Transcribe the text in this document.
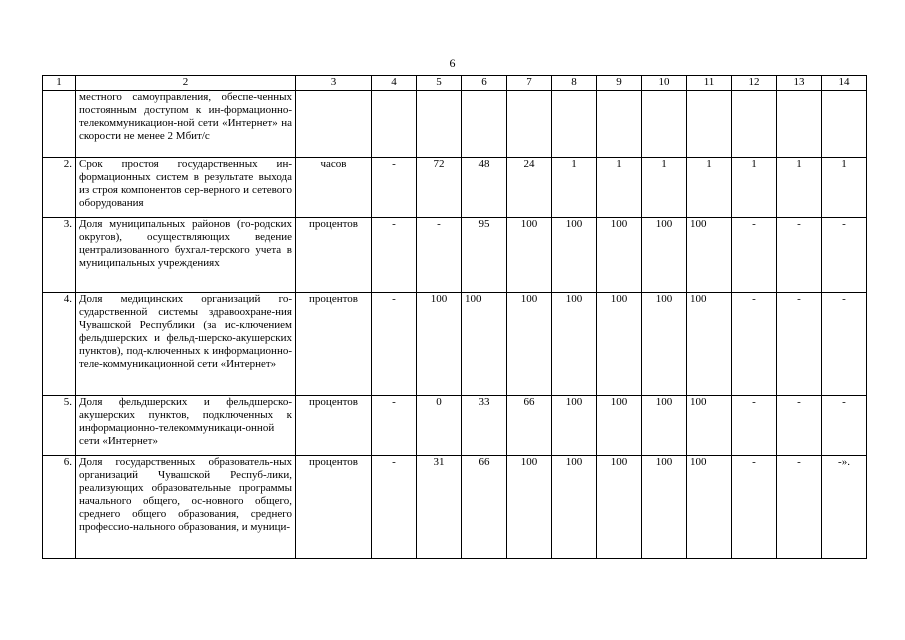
6
1	2	3	4	5	6	7	8	9	10	11	12	13	14
	местного самоуправления, обеспе-ченных постоянным доступом к ин-формационно-телекоммуникацион-ной сети «Интернет» на скорости не менее 2 Мбит/с												
2.	Срок простоя государственных ин-формационных систем в результате выхода из строя компонентов сер-верного и сетевого оборудования	часов	-	72	48	24	1	1	1	1	1	1	1
3.	Доля муниципальных районов (го-родских округов), осуществляющих ведение централизованного бухгал-терского учета в муниципальных учреждениях	процентов	-	-	95	100	100	100	100	100	-	-	-
4.	Доля медицинских организаций го-сударственной системы здравоохране-ния Чувашской Республики (за ис-ключением фельдшерских и фельд-шерско-акушерских пунктов), под-ключенных к информационно-теле-коммуникационной сети «Интернет»	процентов	-	100	100	100	100	100	100	100	-	-	-
5.	Доля фельдшерских и фельдшерско-акушерских пунктов, подключенных к информационно-телекоммуникаци-онной сети «Интернет»	процентов	-	0	33	66	100	100	100	100	-	-	-
6.	Доля государственных образователь-ных организаций Чувашской Респуб-лики, реализующих образовательные программы начального общего, ос-новного общего, среднего общего образования, среднего профессио-нального образования, и муници-	процентов	-	31	66	100	100	100	100	100	-	-	-».
